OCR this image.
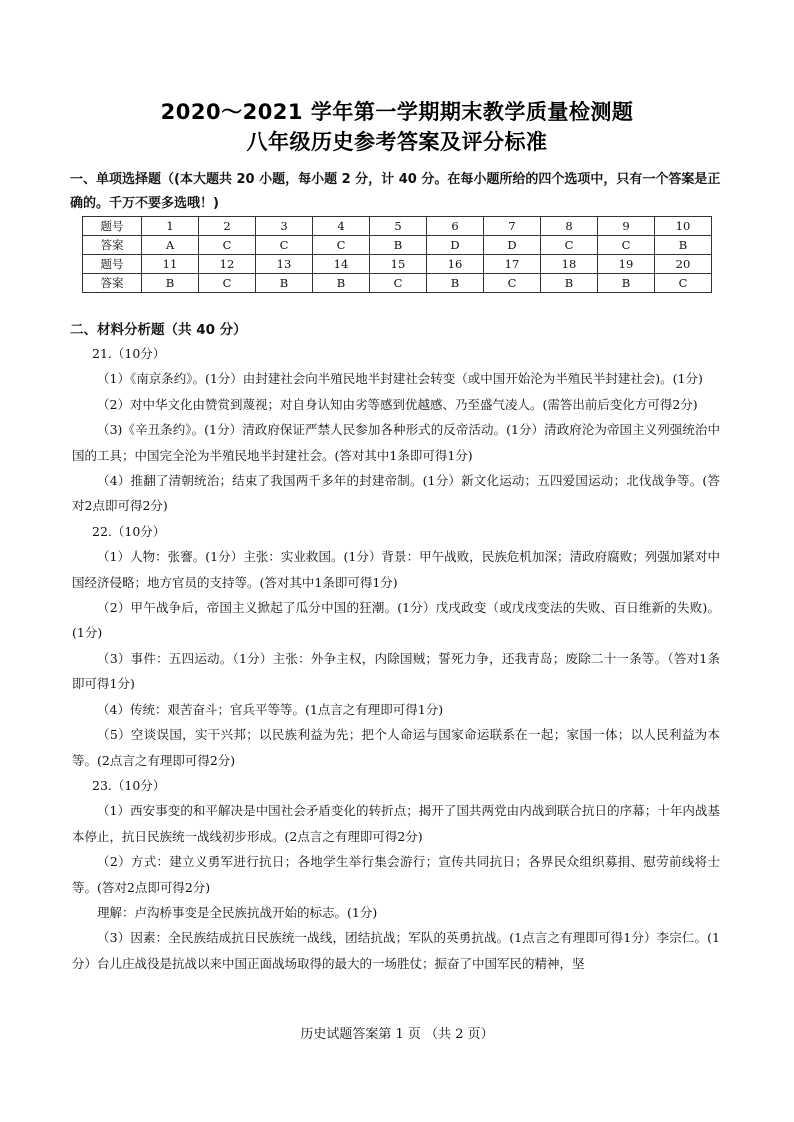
2020～2021 学年第一学期期末教学质量检测题
八年级历史参考答案及评分标准
一、单项选择题（(本大题共 20 小题，每小题 2 分，计 40 分。在每小题所给的四个选项中，只有一个答案是正确的。千万不要多选哦！)
题号	1	2	3	4	5	6	7	8	9	10
答案	A	C	C	C	B	D	D	C	C	B
题号	11	12	13	14	15	16	17	18	19	20
答案	B	C	B	B	C	B	C	B	B	C
二、材料分析题（共 40 分）

21.（10分）

（1）《南京条约》。(1分）由封建社会向半殖民地半封建社会转变（或中国开始沦为半殖民半封建社会)。(1分)

（2）对中华文化由赞赏到蔑视；对自身认知由劣等感到优越感、乃至盛气凌人。(需答出前后变化方可得2分)

（3)《辛丑条约》。(1分）清政府保证严禁人民参加各种形式的反帝活动。(1分）清政府沦为帝国主义列强统治中国的工具；中国完全沦为半殖民地半封建社会。(答对其中1条即可得1分)

（4）推翻了清朝统治；结束了我国两千多年的封建帝制。(1分）新文化运动；五四爱国运动；北伐战争等。(答对2点即可得2分)

22.（10分）

（1）人物：张謇。(1分）主张：实业救国。(1分）背景：甲午战败，民族危机加深；清政府腐败；列强加紧对中国经济侵略；地方官员的支持等。(答对其中1条即可得1分)

（2）甲午战争后，帝国主义掀起了瓜分中国的狂潮。(1分）戊戌政变（或戊戌变法的失败、百日维新的失败)。(1分)

（3）事件：五四运动。（1分）主张：外争主权，内除国贼；誓死力争，还我青岛；废除二十一条等。（答对1条即可得1分)

（4）传统：艰苦奋斗；官兵平等等。(1点言之有理即可得1分)

（5）空谈误国，实干兴邦；以民族利益为先；把个人命运与国家命运联系在一起；家国一体；以人民利益为本等。(2点言之有理即可得2分)

23.（10分）

（1）西安事变的和平解决是中国社会矛盾变化的转折点；揭开了国共两党由内战到联合抗日的序幕；十年内战基本停止，抗日民族统一战线初步形成。(2点言之有理即可得2分)

（2）方式：建立义勇军进行抗日；各地学生举行集会游行；宣传共同抗日；各界民众组织募捐、慰劳前线将士等。(答对2点即可得2分)

理解：卢沟桥事变是全民族抗战开始的标志。(1分)

（3）因素：全民族结成抗日民族统一战线，团结抗战；军队的英勇抗战。(1点言之有理即可得1分）李宗仁。(1分）台儿庄战役是抗战以来中国正面战场取得的最大的一场胜仗；振奋了中国军民的精神，坚

历史试题答案第 1 页 （共 2 页）
